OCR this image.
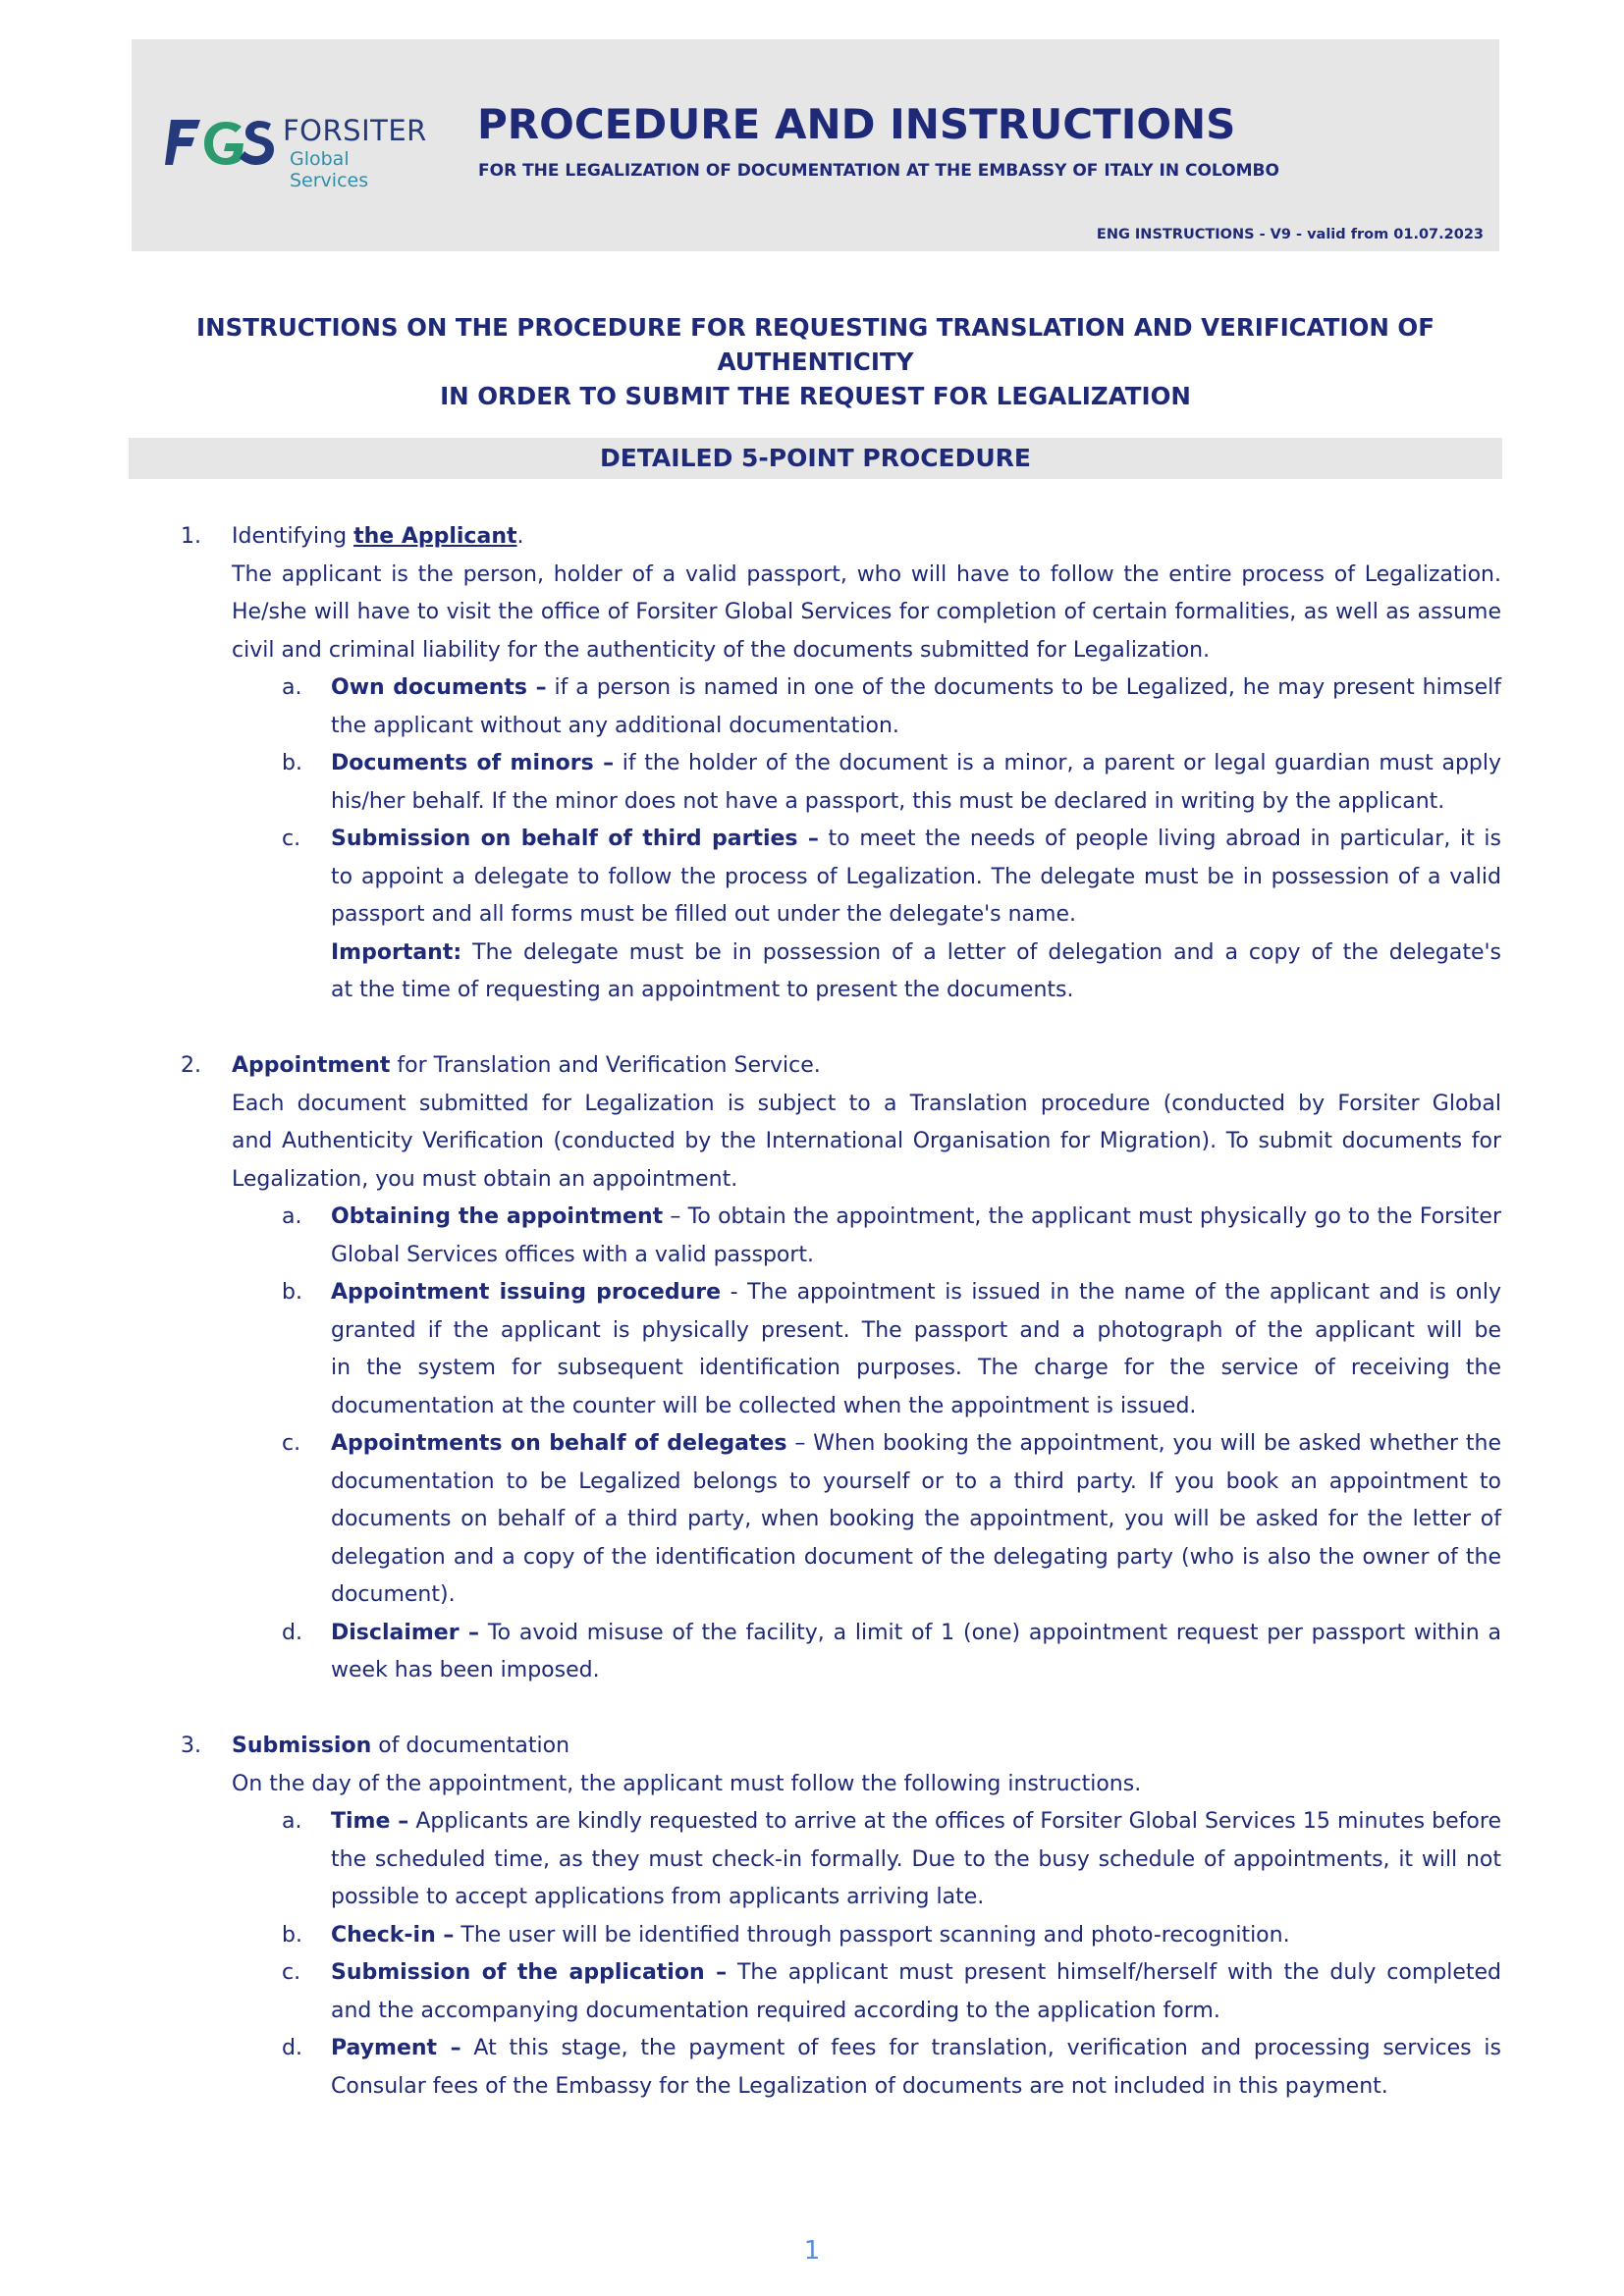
FORSITER
Global Services
PROCEDURE AND INSTRUCTIONS
FOR THE LEGALIZATION OF DOCUMENTATION AT THE EMBASSY OF ITALY IN COLOMBO
ENG INSTRUCTIONS - V9 - valid from 01.07.2023
INSTRUCTIONS ON THE PROCEDURE FOR REQUESTING TRANSLATION AND VERIFICATION OF AUTHENTICITY
IN ORDER TO SUBMIT THE REQUEST FOR LEGALIZATION
DETAILED 5-POINT PROCEDURE
1. Identifying the Applicant.
The applicant is the person, holder of a valid passport, who will have to follow the entire process of Legalization.
He/she will have to visit the office of Forsiter Global Services for completion of certain formalities, as well as assume
civil and criminal liability for the authenticity of the documents submitted for Legalization.
a. Own documents – if a person is named in one of the documents to be Legalized, he may present himself
the applicant without any additional documentation.
b. Documents of minors – if the holder of the document is a minor, a parent or legal guardian must apply
his/her behalf. If the minor does not have a passport, this must be declared in writing by the applicant.
c. Submission on behalf of third parties – to meet the needs of people living abroad in particular, it is
to appoint a delegate to follow the process of Legalization. The delegate must be in possession of a valid
passport and all forms must be filled out under the delegate's name.
Important: The delegate must be in possession of a letter of delegation and a copy of the delegate's
at the time of requesting an appointment to present the documents.
2. Appointment for Translation and Verification Service.
Each document submitted for Legalization is subject to a Translation procedure (conducted by Forsiter Global
and Authenticity Verification (conducted by the International Organisation for Migration). To submit documents for
Legalization, you must obtain an appointment.
a. Obtaining the appointment – To obtain the appointment, the applicant must physically go to the Forsiter
Global Services offices with a valid passport.
b. Appointment issuing procedure - The appointment is issued in the name of the applicant and is only
granted if the applicant is physically present. The passport and a photograph of the applicant will be
in the system for subsequent identification purposes. The charge for the service of receiving the
documentation at the counter will be collected when the appointment is issued.
c. Appointments on behalf of delegates – When booking the appointment, you will be asked whether the
documentation to be Legalized belongs to yourself or to a third party. If you book an appointment to
documents on behalf of a third party, when booking the appointment, you will be asked for the letter of
delegation and a copy of the identification document of the delegating party (who is also the owner of the
document).
d. Disclaimer – To avoid misuse of the facility, a limit of 1 (one) appointment request per passport within a
week has been imposed.
3. Submission of documentation
On the day of the appointment, the applicant must follow the following instructions.
a. Time – Applicants are kindly requested to arrive at the offices of Forsiter Global Services 15 minutes before
the scheduled time, as they must check-in formally. Due to the busy schedule of appointments, it will not
possible to accept applications from applicants arriving late.
b. Check-in – The user will be identified through passport scanning and photo-recognition.
c. Submission of the application – The applicant must present himself/herself with the duly completed
and the accompanying documentation required according to the application form.
d. Payment – At this stage, the payment of fees for translation, verification and processing services is
Consular fees of the Embassy for the Legalization of documents are not included in this payment.
1
